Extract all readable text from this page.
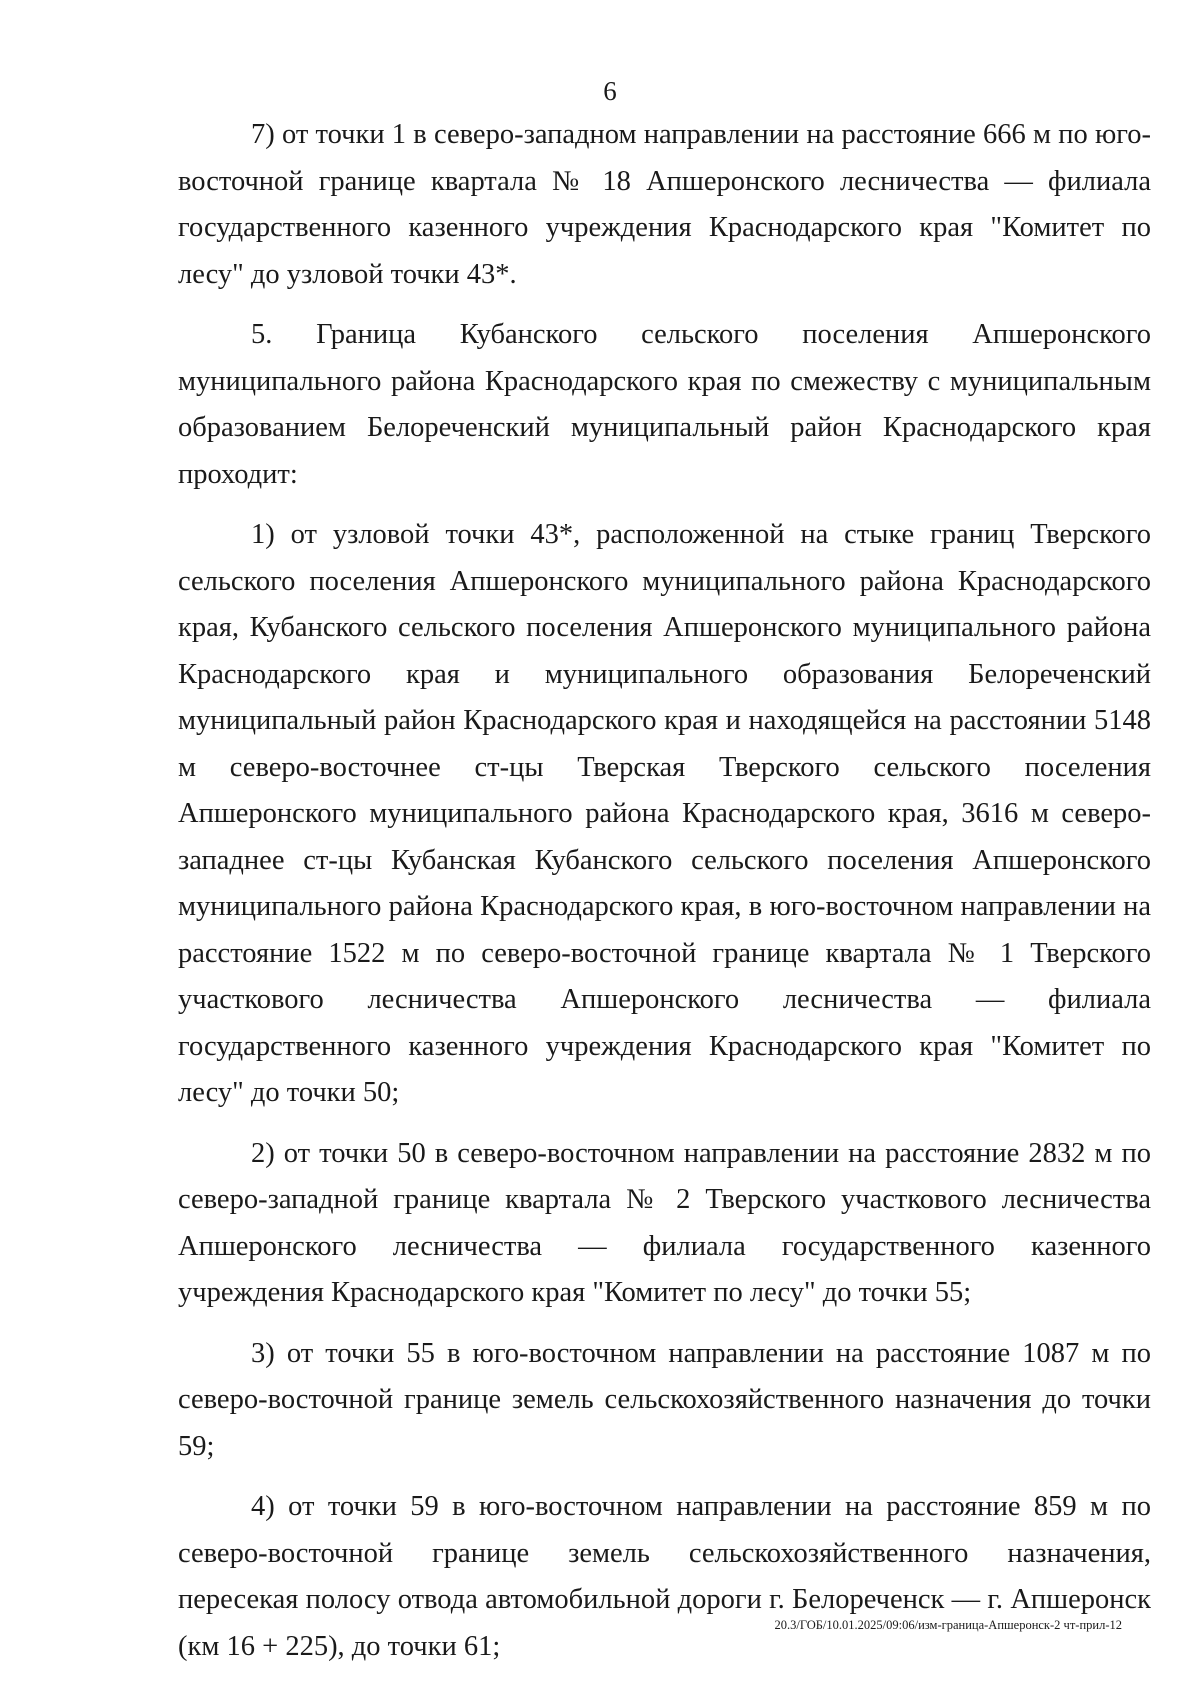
6

7) от точки 1 в северо-западном направлении на расстояние 666 м по юго-восточной границе квартала № 18 Апшеронского лесничества — филиала государственного казенного учреждения Краснодарского края "Комитет по лесу" до узловой точки 43*.

5. Граница Кубанского сельского поселения Апшеронского муниципального района Краснодарского края по смежеству с муниципальным образованием Белореченский муниципальный район Краснодарского края проходит:

1) от узловой точки 43*, расположенной на стыке границ Тверского сельского поселения Апшеронского муниципального района Краснодарского края, Кубанского сельского поселения Апшеронского муниципального района Краснодарского края и муниципального образования Белореченский муниципальный район Краснодарского края и находящейся на расстоянии 5148 м северо-восточнее ст-цы Тверская Тверского сельского поселения Апшеронского муниципального района Краснодарского края, 3616 м северо-западнее ст-цы Кубанская Кубанского сельского поселения Апшеронского муниципального района Краснодарского края, в юго-восточном направлении на расстояние 1522 м по северо-восточной границе квартала № 1 Тверского участкового лесничества Апшеронского лесничества — филиала государственного казенного учреждения Краснодарского края "Комитет по лесу" до точки 50;

2) от точки 50 в северо-восточном направлении на расстояние 2832 м по северо-западной границе квартала № 2 Тверского участкового лесничества Апшеронского лесничества — филиала государственного казенного учреждения Краснодарского края "Комитет по лесу" до точки 55;

3) от точки 55 в юго-восточном направлении на расстояние 1087 м по северо-восточной границе земель сельскохозяйственного назначения до точки 59;

4) от точки 59 в юго-восточном направлении на расстояние 859 м по северо-восточной границе земель сельскохозяйственного назначения, пересекая полосу отвода автомобильной дороги г. Белореченск — г. Апшеронск (км 16 + 225), до точки 61;

20.3/ГОБ/10.01.2025/09:06/изм-граница-Апшеронск-2 чт-прил-12
